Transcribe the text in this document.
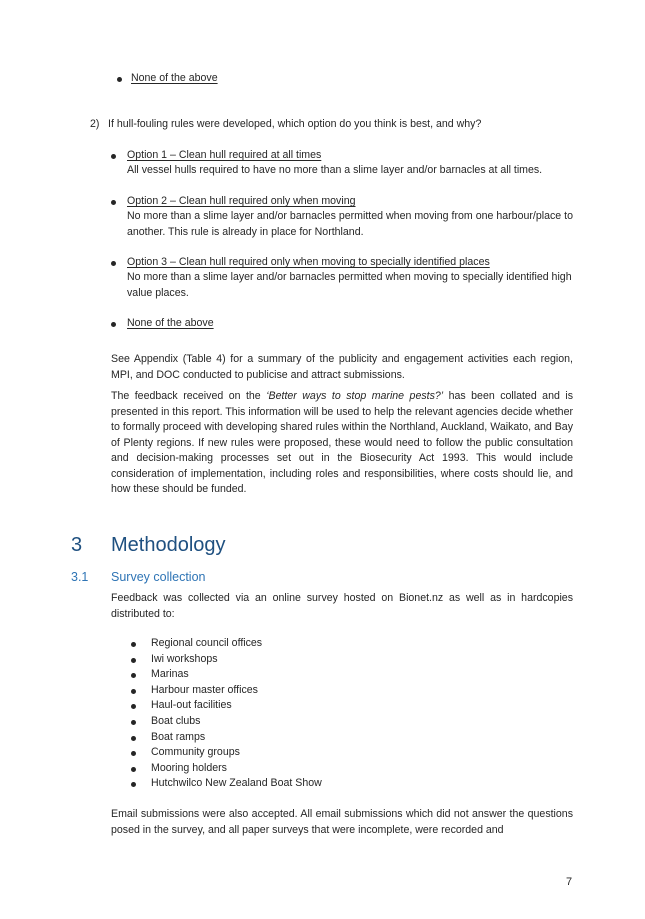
None of the above
2) If hull-fouling rules were developed, which option do you think is best, and why?
Option 1 – Clean hull required at all times
All vessel hulls required to have no more than a slime layer and/or barnacles at all times.
Option 2 – Clean hull required only when moving
No more than a slime layer and/or barnacles permitted when moving from one harbour/place to another. This rule is already in place for Northland.
Option 3 – Clean hull required only when moving to specially identified places
No more than a slime layer and/or barnacles permitted when moving to specially identified high value places.
None of the above
See Appendix (Table 4) for a summary of the publicity and engagement activities each region, MPI, and DOC conducted to publicise and attract submissions.
The feedback received on the ‘Better ways to stop marine pests?’ has been collated and is presented in this report. This information will be used to help the relevant agencies decide whether to formally proceed with developing shared rules within the Northland, Auckland, Waikato, and Bay of Plenty regions. If new rules were proposed, these would need to follow the public consultation and decision-making processes set out in the Biosecurity Act 1993. This would include consideration of implementation, including roles and responsibilities, where costs should lie, and how these should be funded.
3 Methodology
3.1 Survey collection
Feedback was collected via an online survey hosted on Bionet.nz as well as in hardcopies distributed to:
Regional council offices
Iwi workshops
Marinas
Harbour master offices
Haul-out facilities
Boat clubs
Boat ramps
Community groups
Mooring holders
Hutchwilco New Zealand Boat Show
Email submissions were also accepted. All email submissions which did not answer the questions posed in the survey, and all paper surveys that were incomplete, were recorded and
7
